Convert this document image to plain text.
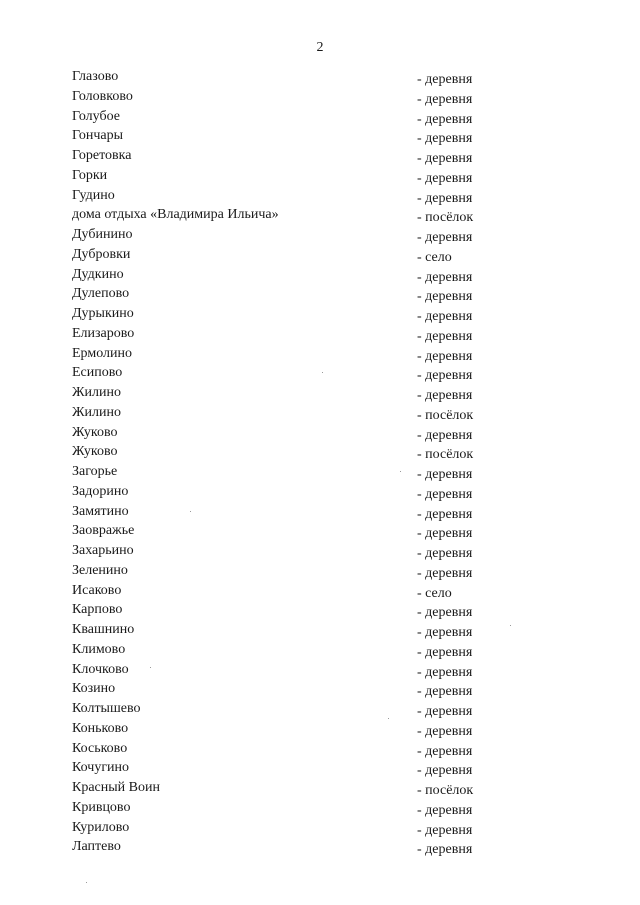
2
Глазово	- деревня
Головково	- деревня
Голубое	- деревня
Гончары	- деревня
Горетовка	- деревня
Горки	- деревня
Гудино	- деревня
дома отдыха «Владимира Ильича»	- посёлок
Дубинино	- деревня
Дубровки	- село
Дудкино	- деревня
Дулепово	- деревня
Дурыкино	- деревня
Елизарово	- деревня
Ермолино	- деревня
Есипово	- деревня
Жилино	- деревня
Жилино	- посёлок
Жуково	- деревня
Жуково	- посёлок
Загорье	- деревня
Задорино	- деревня
Замятино	- деревня
Заовражье	- деревня
Захарьино	- деревня
Зеленино	- деревня
Исаково	- село
Карпово	- деревня
Квашнино	- деревня
Климово	- деревня
Клочково	- деревня
Козино	- деревня
Колтышево	- деревня
Коньково	- деревня
Коськово	- деревня
Кочугино	- деревня
Красный Воин	- посёлок
Кривцово	- деревня
Курилово	- деревня
Лаптево	- деревня
